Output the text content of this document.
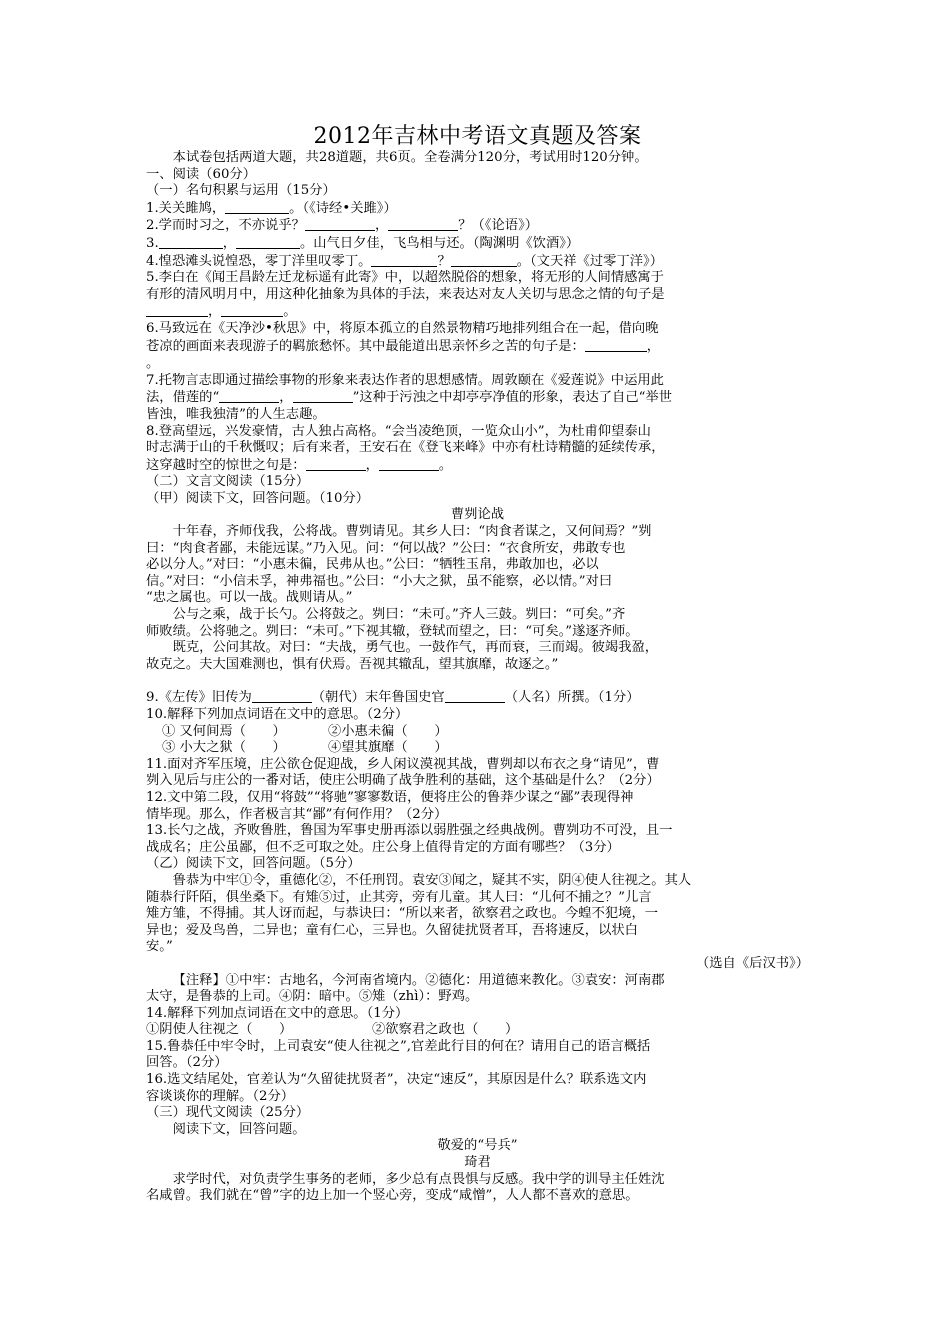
2012年吉林中考语文真题及答案
本试卷包括两道大题，共28道题，共6页。全卷满分120分，考试用时120分钟。
一、阅读（60分）
（一）名句积累与运用（15分）
1.关关雎鸠，	。（《诗经•关雎》）
2.学而时习之，不亦说乎？	，	？（《论语》）
3.	，	。山气日夕佳，飞鸟相与还。（陶渊明《饮酒》）
4.惶恐滩头说惶恐，零丁洋里叹零丁。	？	。（文天祥《过零丁洋》）
5.李白在《闻王昌龄左迁龙标遥有此寄》中，以超然脱俗的想象，将无形的人间情感寓于
有形的清风明月中，用这种化抽象为具体的手法，来表达对友人关切与思念之情的句子是
，	。
6.马致远在《天净沙•秋思》中，将原本孤立的自然景物精巧地排列组合在一起，借向晚
苍凉的画面来表现游子的羁旅愁怀。其中最能道出思亲怀乡之苦的句子是：	，
。
7.托物言志即通过描绘事物的形象来表达作者的思想感情。周敦颐在《爱莲说》中运用此
法，借莲的“	，	”这种于污浊之中却亭亭净值的形象，表达了自己“举世
皆浊，唯我独清”的人生志趣。
8.登高望远，兴发豪情，古人独占高格。“会当凌绝顶，一览众山小”，为杜甫仰望泰山
时志满于山的千秋慨叹；后有来者，王安石在《登飞来峰》中亦有杜诗精髓的延续传承，
这穿越时空的惊世之句是：	，	。
（二）文言文阅读（15分）
（甲）阅读下文，回答问题。（10分）
曹刿论战
十年春，齐师伐我，公将战。曹刿请见。其乡人曰：“肉食者谋之，又何间焉？”刿
曰：“肉食者鄙，未能远谋。”乃入见。问：“何以战？”公曰：“衣食所安，弗敢专也
必以分人。”对曰：“小惠未徧，民弗从也。”公曰：“牺牲玉帛，弗敢加也，必以
信。”对曰：“小信未孚，神弗福也。”公曰：“小大之狱，虽不能察，必以情。”对曰
“忠之属也。可以一战。战则请从。”
公与之乘，战于长勺。公将鼓之。刿曰：“未可。”齐人三鼓。刿曰：“可矣。”齐
师败绩。公将驰之。刿曰：“未可。”下视其辙，登轼而望之，曰：“可矣。”遂逐齐师。
既克，公问其故。对曰：“夫战，勇气也。一鼓作气，再而衰，三而竭。彼竭我盈，
故克之。夫大国难测也，惧有伏焉。吾视其辙乱，望其旗靡，故逐之。”
9.《左传》旧传为	（朝代）末年鲁国史官	（人名）所撰。（1分）
10.解释下列加点词语在文中的意思。（2分）
① 又何间焉（　　）	②小惠未徧（　　）
③ 小大之狱（　　）	④望其旗靡（　　）
11.面对齐军压境，庄公欲仓促迎战，乡人闲议漠视其战，曹刿却以布衣之身“请见”，曹
刿入见后与庄公的一番对话，使庄公明确了战争胜利的基础，这个基础是什么？（2分）
12.文中第二段，仅用“将鼓”“将驰”寥寥数语，便将庄公的鲁莽少谋之“鄙”表现得神
情毕现。那么，作者极言其“鄙”有何作用？（2分）
13.长勺之战，齐败鲁胜，鲁国为军事史册再添以弱胜强之经典战例。曹刿功不可没，且一
战成名；庄公虽鄙，但不乏可取之处。庄公身上值得肯定的方面有哪些？（3分）
（乙）阅读下文，回答问题。（5分）
鲁恭为中牢①令，重德化②，不任刑罚。袁安③闻之，疑其不实，阴④使人往视之。其人
随恭行阡陌，俱坐桑下。有雉⑤过，止其旁，旁有儿童。其人曰：“儿何不捕之？”儿言
雉方雏，不得捕。其人讶而起，与恭诀曰：“所以来者，欲察君之政也。今蝗不犯境，一
异也；爱及鸟兽，二异也；童有仁心，三异也。久留徒扰贤者耳，吾将速反，以状白
安。”
（选自《后汉书》）
【注释】①中牢：古地名，今河南省境内。②德化：用道德来教化。③袁安：河南郡
太守，是鲁恭的上司。④阴：暗中。⑤雉（zhì）：野鸡。
14.解释下列加点词语在文中的意思。（1分）
①阴使人往视之（　　）	②欲察君之政也（　　）
15.鲁恭任中牢令时，上司袁安“使人往视之”,官差此行目的何在？请用自己的语言概括
回答。（2分）
16.选文结尾处，官差认为“久留徒扰贤者”，决定“速反”，其原因是什么？联系选文内
容谈谈你的理解。（2分）
（三）现代文阅读（25分）
阅读下文，回答问题。
敬爱的“号兵”
琦君
求学时代，对负责学生事务的老师，多少总有点畏惧与反感。我中学的训导主任姓沈
名咸曾。我们就在“曾”字的边上加一个竖心旁，变成“咸憎”，人人都不喜欢的意思。
